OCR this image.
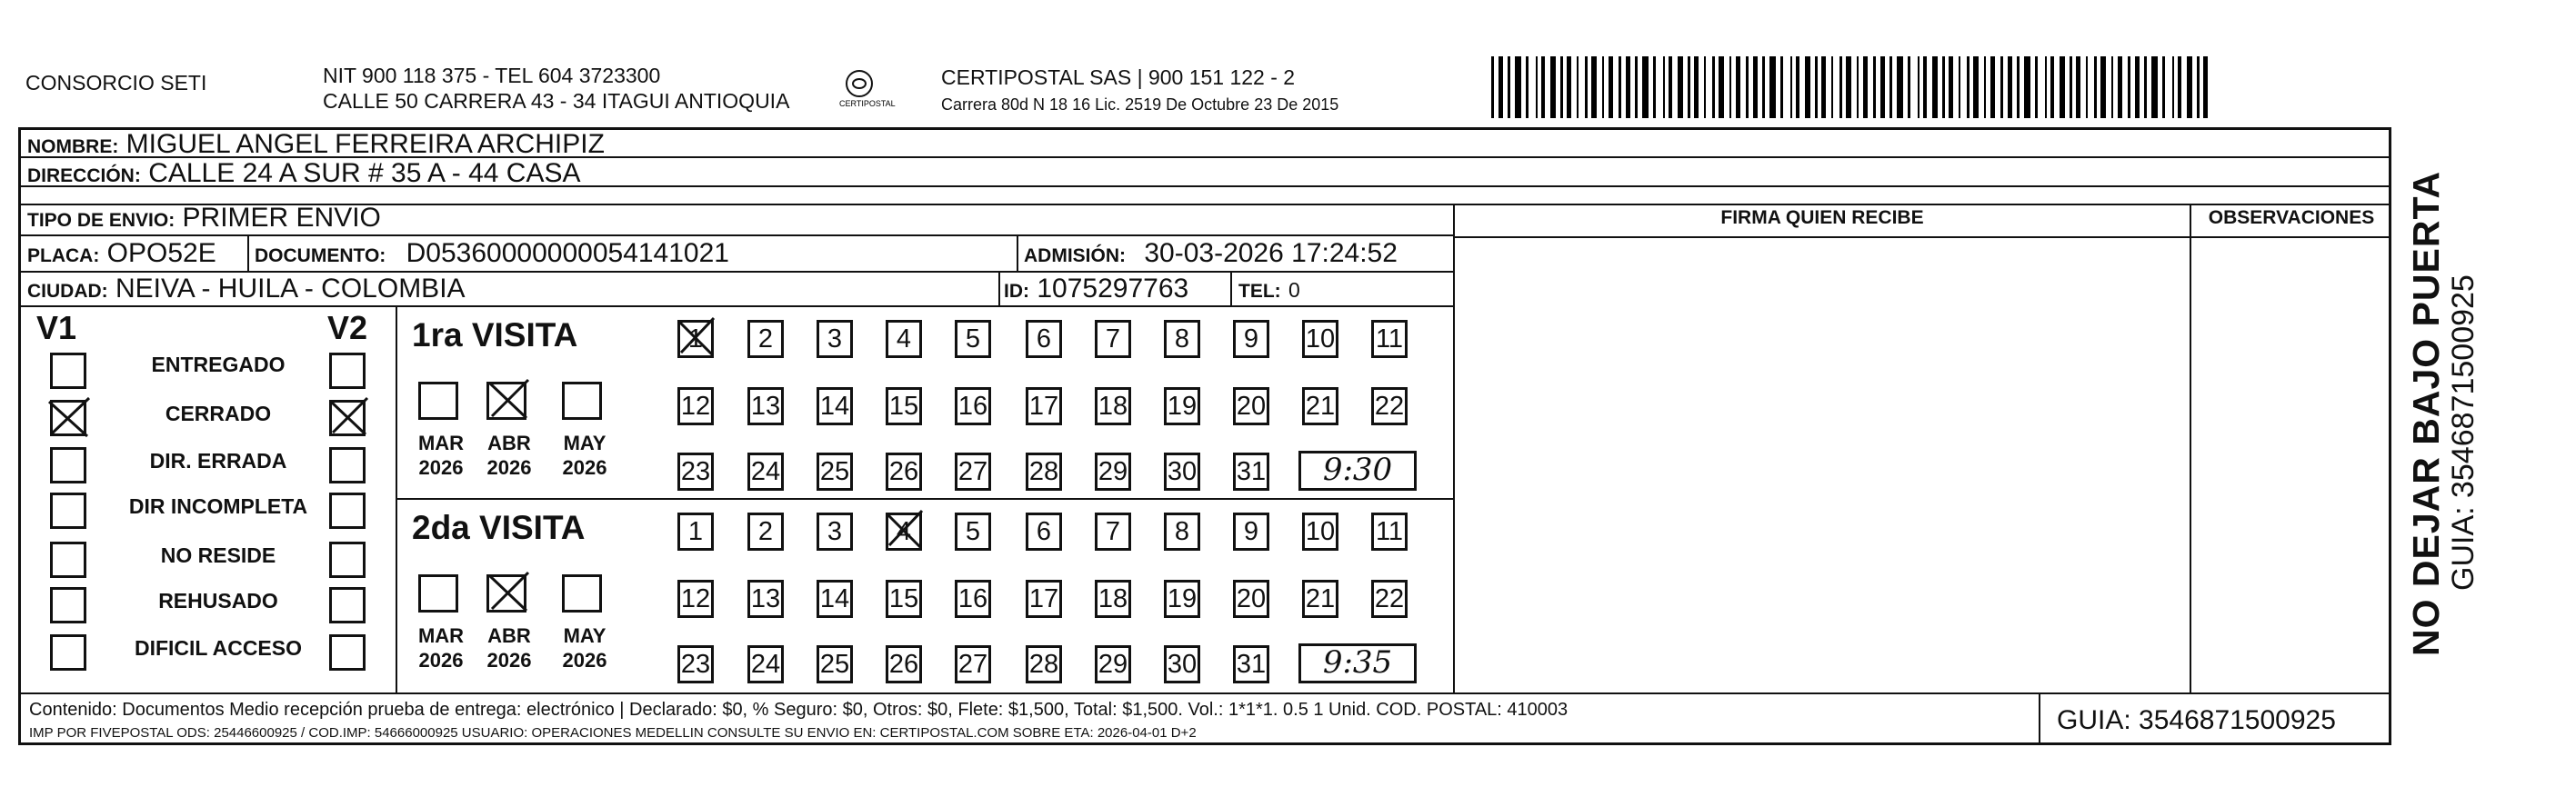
CONSORCIO SETI	NIT 900 118 375 - TEL 604 3723300
CALLE 50 CARRERA 43 - 34 ITAGUI ANTIOQUIA	CERTIPOSTAL
CERTIPOSTAL SAS | 900 151 122 - 2
Carrera 80d N 18 16 Lic. 2519 De Octubre 23 De 2015
NOMBRE: MIGUEL ANGEL FERREIRA ARCHIPIZ
DIRECCIÓN: CALLE 24 A SUR # 35 A - 44 CASA
TIPO DE ENVIO: PRIMER ENVIO
PLACA: OPO52E DOCUMENTO: D05360000000054141021	ADMISIÓN: 30-03-2026 17:24:52
CIUDAD: NEIVA - HUILA - COLOMBIA	ID: 1075297763	TEL: 0
FIRMA QUIEN RECIBE	OBSERVACIONES
V1	V2
ENTREGADO
CERRADO
DIR. ERRADA
DIR INCOMPLETA
NO RESIDE
REHUSADO
DIFICIL ACCESO
1ra VISITA
MAR
2026
ABR
2026
MAY
2026
1	2	3	4	5	6	7	8	9	10 11
12 13 14 15 16 17 18 19 20 21 22
23 24 25 26 27 28 29 30 31	9:30
2da VISITA
MAR
2026
ABR
2026
MAY
2026
1	2	3	4	5	6	7	8	9	10 11
12 13 14 15 16 17 18 19 20 21 22
23 24 25 26 27 28 29 30 31	9:35
Contenido: Documentos Medio recepción prueba de entrega: electrónico | Declarado: $0, % Seguro: $0, Otros: $0, Flete: $1,500, Total: $1,500. Vol.: 1*1*1. 0.5 1 Unid. COD. POSTAL: 410003
IMP POR FIVEPOSTAL ODS: 25446600925 / COD.IMP: 54666000925 USUARIO: OPERACIONES MEDELLIN CONSULTE SU ENVIO EN: CERTIPOSTAL.COM SOBRE ETA: 2026-04-01 D+2	GUIA: 3546871500925
NO DEJAR BAJO PUERTA GUIA: 3546871500925
